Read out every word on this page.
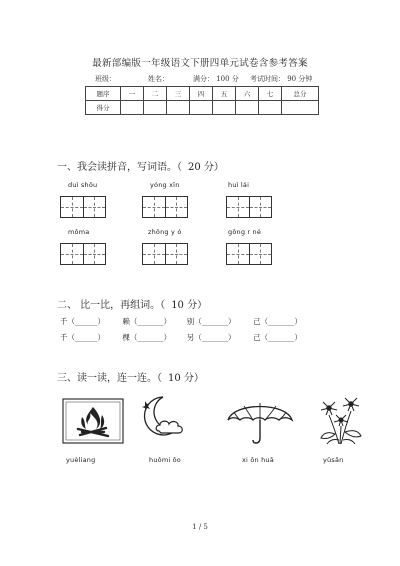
最新部编版一年级语文下册四单元试卷含参考答案
班级：	姓名：	满分： 100 分 考试时间： 90 分钟
题序	一	二	三	四	五	六	七	总分
得分								
一、我会读拼音，写词语。（ 20 分）
duì shǒu	yóng xīn	huì lái
mǒma	zhōng y ó	gōng r né
二、 比一比，再组词。（ 10 分）
千（______） 赖（_______） 别（_______） 己（_______）
千（______） 棵（_______） 另（_______） 己（_______）
三、读一读，连一连。（ 10 分）
yuèliang	huǒmi ǒo	xi ǒn huā	yǔsǎn
1 / 5
